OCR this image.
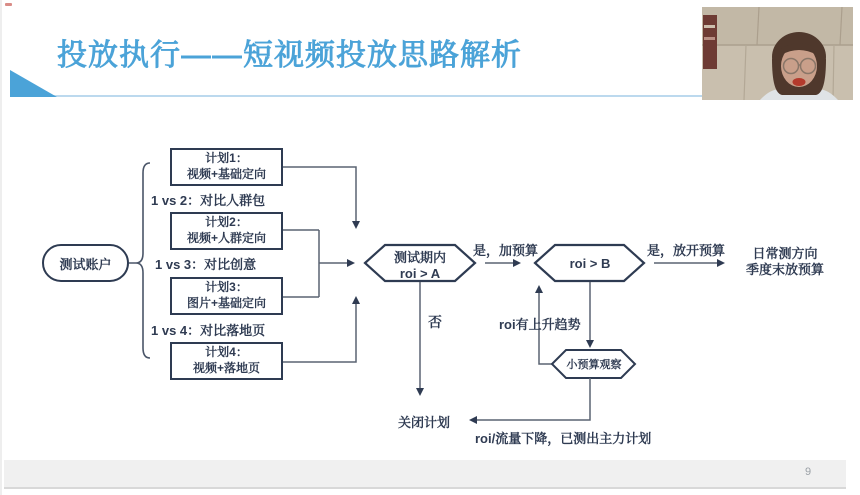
投放执行——短视频投放思路解析
测试账户
计划1：
视频+基础定向
1 vs 2：对比人群包
计划2：
视频+人群定向
1 vs 3：对比创意
计划3：
图片+基础定向
1 vs 4：对比落地页
计划4：
视频+落地页
测试期内
roi > A
roi > B
小预算观察
是，加预算	是，放开预算
否	roi有上升趋势
roi/流量下降，已测出主力计划
关闭计划
日常测方向
季度末放预算
9
